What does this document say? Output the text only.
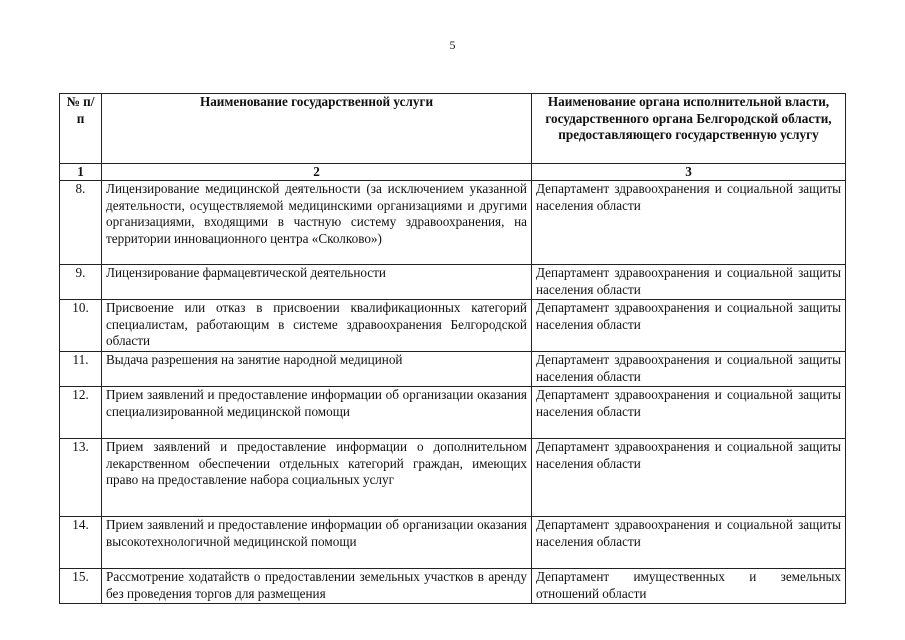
5
№ п/п	Наименование государственной услуги	Наименование органа исполнительной власти, государственного органа Белгородской области, предоставляющего государственную услугу
1	2	3
8.	Лицензирование медицинской деятельности (за исключением указанной деятельности, осуществляемой медицинскими организациями и другими организациями, входящими в частную систему здравоохранения, на территории инновационного центра «Сколково»)	Департамент здравоохранения и социальной защиты населения области
9.	Лицензирование фармацевтической деятельности	Департамент здравоохранения и социальной защиты населения области
10.	Присвоение или отказ в присвоении квалификационных категорий специалистам, работающим в системе здравоохранения Белгородской области	Департамент здравоохранения и социальной защиты населения области
11.	Выдача разрешения на занятие народной медициной	Департамент здравоохранения и социальной защиты населения области
12.	Прием заявлений и предоставление информации об организации оказания специализированной медицинской помощи	Департамент здравоохранения и социальной защиты населения области
13.	Прием заявлений и предоставление информации о дополнительном лекарственном обеспечении отдельных категорий граждан, имеющих право на предоставление набора социальных услуг	Департамент здравоохранения и социальной защиты населения области
14.	Прием заявлений и предоставление информации об организации оказания высокотехнологичной медицинской помощи	Департамент здравоохранения и социальной защиты населения области
15.	Рассмотрение ходатайств о предоставлении земельных участков в аренду без проведения торгов для размещения	Департамент имущественных и земельных отношений области
